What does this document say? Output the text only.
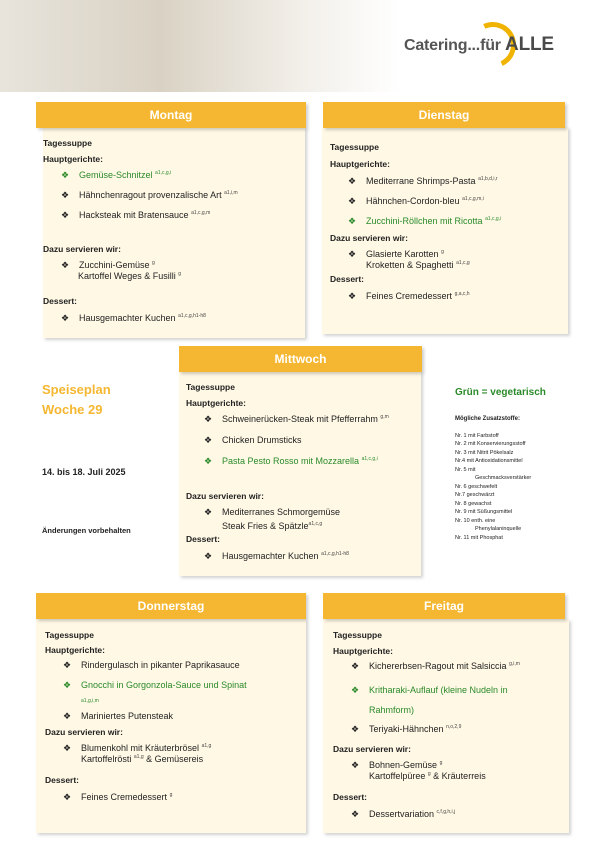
Catering...für ALLE
Montag
Tagessuppe
Hauptgerichte:
❖ Gemüse-Schnitzel $^{a1,c,g,i}$
❖ Hähnchenragout provenzalische Art $^{a1,i,m}$
❖ Hacksteak mit Bratensauce $^{a1,c,g,m}$
Dazu servieren wir:
❖ Zucchini-Gemüse $^g$
Kartoffel Weges & Fusilli $^g$
Dessert:
❖ Hausgemachter Kuchen $^{a1,c,g,h1-h8}$
Dienstag
Tagessuppe
Hauptgerichte:
❖ Mediterrane Shrimps-Pasta $^{a1,b,d,i,r}$
❖ Hähnchen-Cordon-bleu $^{a1,c,g,m,i}$
❖ Zucchini-Röllchen mit Ricotta $^{a1,c,g,i}$
Dazu servieren wir:
❖ Glasierte Karotten $^g$
Kroketten & Spaghetti $^{a1,c,g}$
Dessert:
❖ Feines Cremedessert $^{g,a,c,h}$
Mittwoch
Tagessuppe
Hauptgerichte:
❖ Schweinerücken-Steak mit Pfefferrahm $^{g,m}$
❖ Chicken Drumsticks
❖ Pasta Pesto Rosso mit Mozzarella $^{a1,c,g,i}$
Dazu servieren wir:
❖ Mediterranes Schmorgemüse
Steak Fries & Spätzle$^{a1,c,g}$
Dessert:
❖ Hausgemachter Kuchen $^{a1,c,g,h1-h8}$
Speiseplan
Woche 29
14. bis 18. Juli 2025
Änderungen vorbehalten
Grün = vegetarisch
Mögliche Zusatzstoffe:
Nr. 1 mit Farbstoff
Nr. 2 mit Konservierungsstoff
Nr. 3 mit Nitrit Pökelsalz
Nr.4 mit Antioxidationsmittel
Nr. 5 mit
Geschmacksverstärker
Nr. 6 geschwefelt
Nr.7 geschwärzt
Nr. 8 gewachst
Nr. 9 mit Süßungsmittel
Nr. 10 enth. eine
Phenylalaninquelle
Nr. 11 mit Phosphat
Donnerstag
Tagessuppe
Hauptgerichte:
❖ Rindergulasch in pikanter Paprikasauce
❖ Gnocchi in Gorgonzola-Sauce und Spinat
a1,g,i,m
❖ Mariniertes Putensteak
Dazu servieren wir:
❖ Blumenkohl mit Kräuterbrösel $^{a1,g}$
Kartoffelrösti $^{a1,g}$ & Gemüsereis
Dessert:
❖ Feines Cremedessert $^g$
Freitag
Tagessuppe
Hauptgerichte:
❖ Kichererbsen-Ragout mit Salsiccia $^{g,i,m}$
❖ Kritharaki-Auflauf (kleine Nudeln in Rahmform)
❖ Teriyaki-Hähnchen $^{n,o,2,9}$
Dazu servieren wir:
❖ Bohnen-Gemüse $^g$
Kartoffelpüree $^g$ & Kräuterreis
Dessert:
❖ Dessertvariation $^{c,f,g,h,i,j}$
